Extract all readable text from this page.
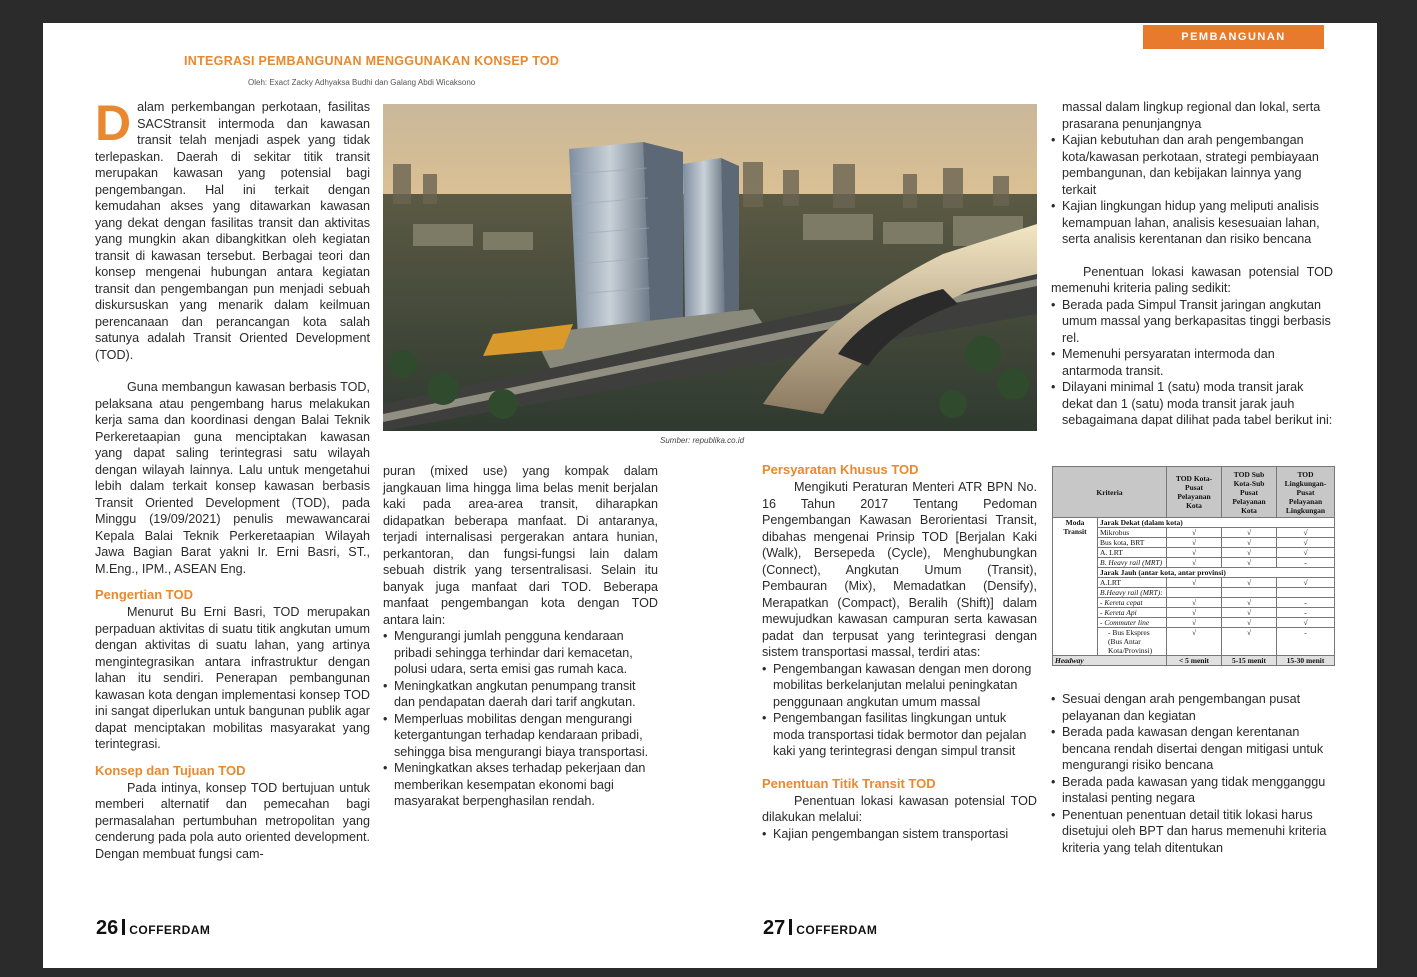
PEMBANGUNAN
INTEGRASI PEMBANGUNAN MENGGUNAKAN KONSEP TOD
Oleh: Exact Zacky Adhyaksa Budhi dan Galang Abdi Wicaksono

Dalam perkembangan perkotaan, fasilitas SACStransit intermoda dan kawasan transit telah menjadi aspek yang tidak terlepaskan. Daerah di sekitar titik transit merupakan kawasan yang potensial bagi pengembangan. Hal ini terkait dengan kemudahan akses yang ditawarkan kawasan yang dekat dengan fasilitas transit dan aktivitas yang mungkin akan dibangkitkan oleh kegiatan transit di kawasan tersebut. Berbagai teori dan konsep mengenai hubungan antara kegiatan transit dan pengembangan pun menjadi sebuah diskursuskan yang menarik dalam keilmuan perencanaan dan perancangan kota salah satunya adalah Transit Oriented Development (TOD).

Guna membangun kawasan berbasis TOD, pelaksana atau pengembang harus melakukan kerja sama dan koordinasi dengan Balai Teknik Perkeretaapian guna menciptakan kawasan yang dapat saling terintegrasi satu wilayah dengan wilayah lainnya. Lalu untuk mengetahui lebih dalam terkait konsep kawasan berbasis Transit Oriented Development (TOD), pada Minggu (19/09/2021) penulis mewawancarai Kepala Balai Teknik Perkeretaapian Wilayah Jawa Bagian Barat yakni Ir. Erni Basri, ST., M.Eng., IPM., ASEAN Eng.

Pengertian TOD

Menurut Bu Erni Basri, TOD merupakan perpaduan aktivitas di suatu titik angkutan umum dengan aktivitas di suatu lahan, yang artinya mengintegrasikan antara infrastruktur dengan lahan itu sendiri. Penerapan pembangunan kawasan kota dengan implementasi konsep TOD ini sangat diperlukan untuk bangunan publik agar dapat menciptakan mobilitas masyarakat yang terintegrasi.

Konsep dan Tujuan TOD

Pada intinya, konsep TOD bertujuan untuk memberi alternatif dan pemecahan bagi permasalahan pertumbuhan metropolitan yang cenderung pada pola auto oriented development. Dengan membuat fungsi cam-

Sumber: republika.co.id

puran (mixed use) yang kompak dalam jangkauan lima hingga lima belas menit berjalan kaki pada area-area transit, diharapkan didapatkan beberapa manfaat. Di antaranya, terjadi internalisasi pergerakan antara hunian, perkantoran, dan fungsi-fungsi lain dalam sebuah distrik yang tersentralisasi. Selain itu banyak juga manfaat dari TOD. Beberapa manfaat pengembangan kota dengan TOD antara lain:

• Mengurangi jumlah pengguna kendaraan pribadi sehingga terhindar dari kemacetan, polusi udara, serta emisi gas rumah kaca.
• Meningkatkan angkutan penumpang transit dan pendapatan daerah dari tarif angkutan.
• Memperluas mobilitas dengan mengurangi ketergantungan terhadap kendaraan pribadi, sehingga bisa mengurangi biaya transportasi.
• Meningkatkan akses terhadap pekerjaan dan memberikan kesempatan ekonomi bagi masyarakat berpenghasilan rendah.
Persyaratan Khusus TOD

Mengikuti Peraturan Menteri ATR BPN No. 16 Tahun 2017 Tentang Pedoman Pengembangan Kawasan Berorientasi Transit, dibahas mengenai Prinsip TOD [Berjalan Kaki (Walk), Bersepeda (Cycle), Menghubungkan (Connect), Angkutan Umum (Transit), Pembauran (Mix), Memadatkan (Densify), Merapatkan (Compact), Beralih (Shift)] dalam mewujudkan kawasan campuran serta kawasan padat dan terpusat yang terintegrasi dengan sistem transportasi massal, terdiri atas:

• Pengembangan kawasan dengan men dorong mobilitas berkelanjutan melalui peningkatan penggunaan angkutan umum massal
• Pengembangan fasilitas lingkungan untuk moda transportasi tidak bermotor dan pejalan kaki yang terintegrasi dengan simpul transit
Penentuan Titik Transit TOD

Penentuan lokasi kawasan potensial TOD dilakukan melalui:

• Kajian pengembangan sistem transportasi

massal dalam lingkup regional dan lokal, serta prasarana penunjangnya

• Kajian kebutuhan dan arah pengembangan kota/kawasan perkotaan, strategi pembiayaan pembangunan, dan kebijakan lainnya yang terkait
• Kajian lingkungan hidup yang meliputi analisis kemampuan lahan, analisis kesesuaian lahan, serta analisis kerentanan dan risiko bencana

Penentuan lokasi kawasan potensial TOD memenuhi kriteria paling sedikit:

• Berada pada Simpul Transit jaringan angkutan umum massal yang berkapasitas tinggi berbasis rel.
• Memenuhi persyaratan intermoda dan antarmoda transit.
• Dilayani minimal 1 (satu) moda transit jarak dekat dan 1 (satu) moda transit jarak jauh sebagaimana dapat dilihat pada tabel berikut ini:
Kriteria		TOD Kota-Pusat Pelayanan Kota	TOD Sub Kota-Sub Pusat Pelayanan Kota	TOD Lingkungan-Pusat Pelayanan Lingkungan
Moda Transit	Jarak Dekat (dalam kota)			
	Mikrobus	√	√	√
	Bus kota, BRT	√	√	√
	A. LRT	√	√	√
	B. Heavy rail (MRT)	√	√	-
	Jarak Jauh (antar kota, antar provinsi)			
	A.LRT	√	√	√
	B.Heavy rail (MRT):			
	- Kereta cepat	√	√	-
	- Kereta Api	√	√	-
	- Commuter line	√	√	√
	- Bus Ekspres (Bus Antar Kota/Provinsi)	√	√	-
Headway		< 5 menit	5-15 menit	15-30 menit
• Sesuai dengan arah pengembangan pusat pelayanan dan kegiatan
• Berada pada kawasan dengan kerentanan bencana rendah disertai dengan mitigasi untuk mengurangi risiko bencana
• Berada pada kawasan yang tidak mengganggu instalasi penting negara
• Penentuan penentuan detail titik lokasi harus disetujui oleh BPT dan harus memenuhi kriteria kriteria yang telah ditentukan
26 COFFERDAM	27 COFFERDAM
